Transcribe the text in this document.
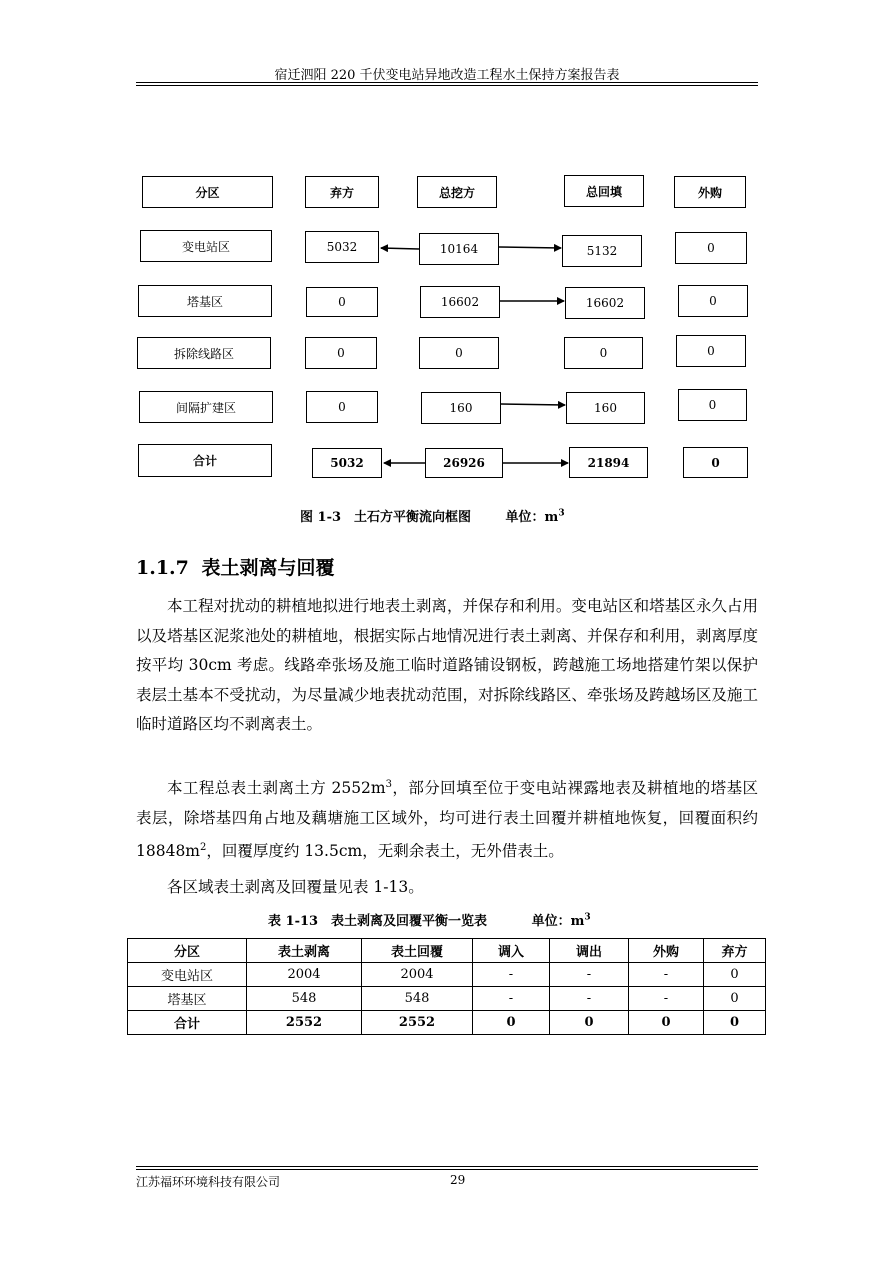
宿迁泗阳 220 千伏变电站异地改造工程水土保持方案报告表
分区	弃方	总挖方	总回填	外购
变电站区	5032	10164	5132	0
塔基区	0	16602	16602	0
拆除线路区	0	0	0	0
间隔扩建区	0	160	160	0
合计	5032	26926	21894	0
图 1-3　土石方平衡流向框图	单位：$m^3$
1.1.7 表土剥离与回覆
本工程对扰动的耕植地拟进行地表土剥离，并保存和利用。变电站区和塔基区永久占用以及塔基区泥浆池处的耕植地，根据实际占地情况进行表土剥离、并保存和利用，剥离厚度按平均 30cm 考虑。线路牵张场及施工临时道路铺设钢板，跨越施工场地搭建竹架以保护表层土基本不受扰动，为尽量减少地表扰动范围，对拆除线路区、牵张场及跨越场区及施工临时道路区均不剥离表土。
本工程总表土剥离土方 $2552m^3$，部分回填至位于变电站裸露地表及耕植地的塔基区表层，除塔基四角占地及藕塘施工区域外，均可进行表土回覆并耕植地恢复，回覆面积约 $18848m^2$，回覆厚度约 13.5cm，无剩余表土，无外借表土。
各区域表土剥离及回覆量见表 1-13。
表 1-13　表土剥离及回覆平衡一览表	单位：$m^3$
分区	表土剥离	表土回覆	调入	调出	外购	弃方
变电站区	2004	2004	-	-	-	0
塔基区	548	548	-	-	-	0
合计	2552	2552	0	0	0	0
江苏福环环境科技有限公司	29
